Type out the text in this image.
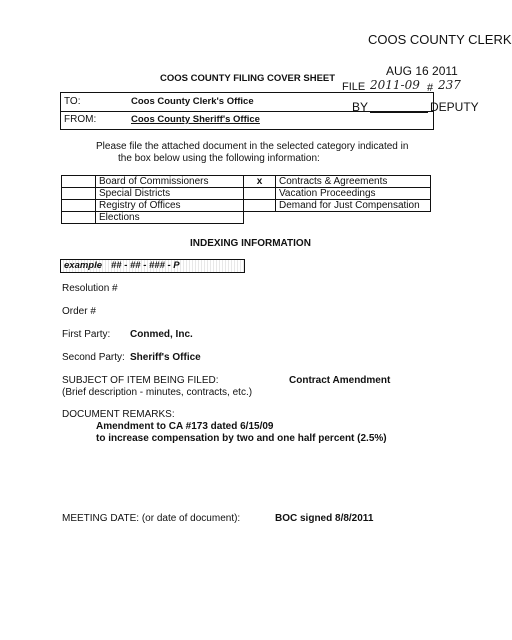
COOS COUNTY CLERK
AUG 16 2011
COOS COUNTY FILING COVER SHEET
FILE 2011-09 # 237
BY	DEPUTY
TO:	Coos County Clerk's Office
FROM:	Coos County Sheriff's Office
Please file the attached document in the selected category indicated in
the box below using the following information:
	Board of Commissioners	x	Contracts & Agreements
	Special Districts		Vacation Proceedings
	Registry of Offices		Demand for Just Compensation
	Elections		
INDEXING INFORMATION
example ## - ## - ### - P
Resolution #
Order #
First Party: Conmed, Inc.
Second Party: Sheriff's Office
SUBJECT OF ITEM BEING FILED:	Contract Amendment
(Brief description - minutes, contracts, etc.)
DOCUMENT REMARKS:
Amendment to CA #173 dated 6/15/09
to increase compensation by two and one half percent (2.5%)
MEETING DATE: (or date of document):	BOC signed 8/8/2011
